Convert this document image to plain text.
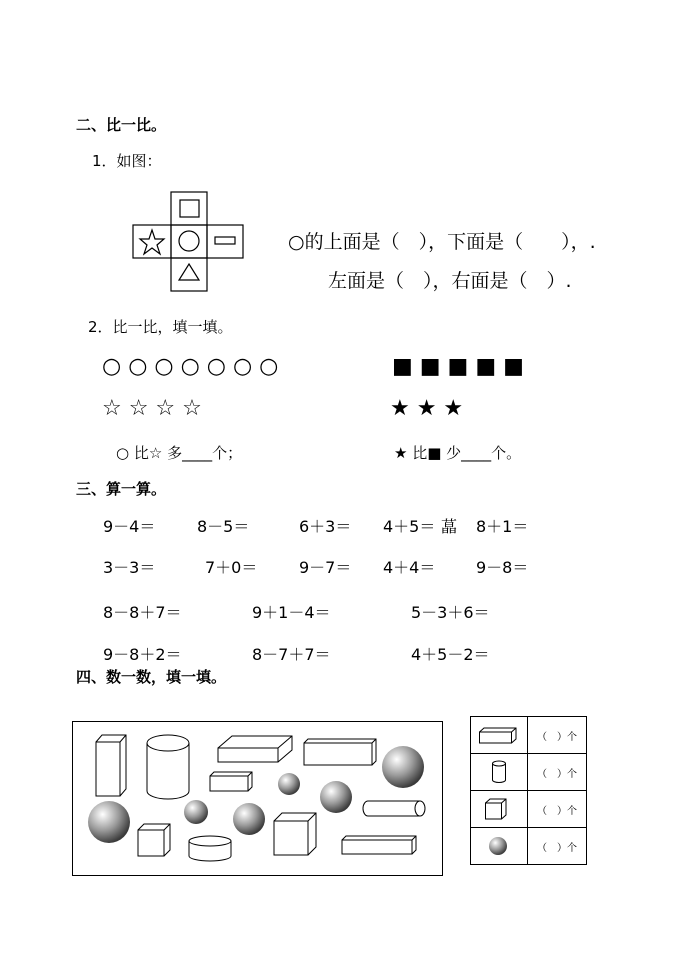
二、比一比。
1．如图：
○的上面是（　），下面是（　　），.
左面是（　），右面是（　）.
2．比一比，填一填。
○ ○ ○ ○ ○ ○ ○	■ ■ ■ ■ ■
☆ ☆ ☆ ☆	★ ★ ★
○ 比☆ 多____个；	★ 比■ 少____个。
三、算一算。
9－4＝	8－5＝	6＋3＝ 4＋5＝ 蕌 8＋1＝
3－3＝	7＋0＝	9－7＝ 4＋4＝	9－8＝
8－8＋7＝	9＋1－4＝	5－3＋6＝
9－8＋2＝	8－7＋7＝	4＋5－2＝
四、数一数，填一填。
	（　）个

	（　）个

	（　）个

	（　）个
